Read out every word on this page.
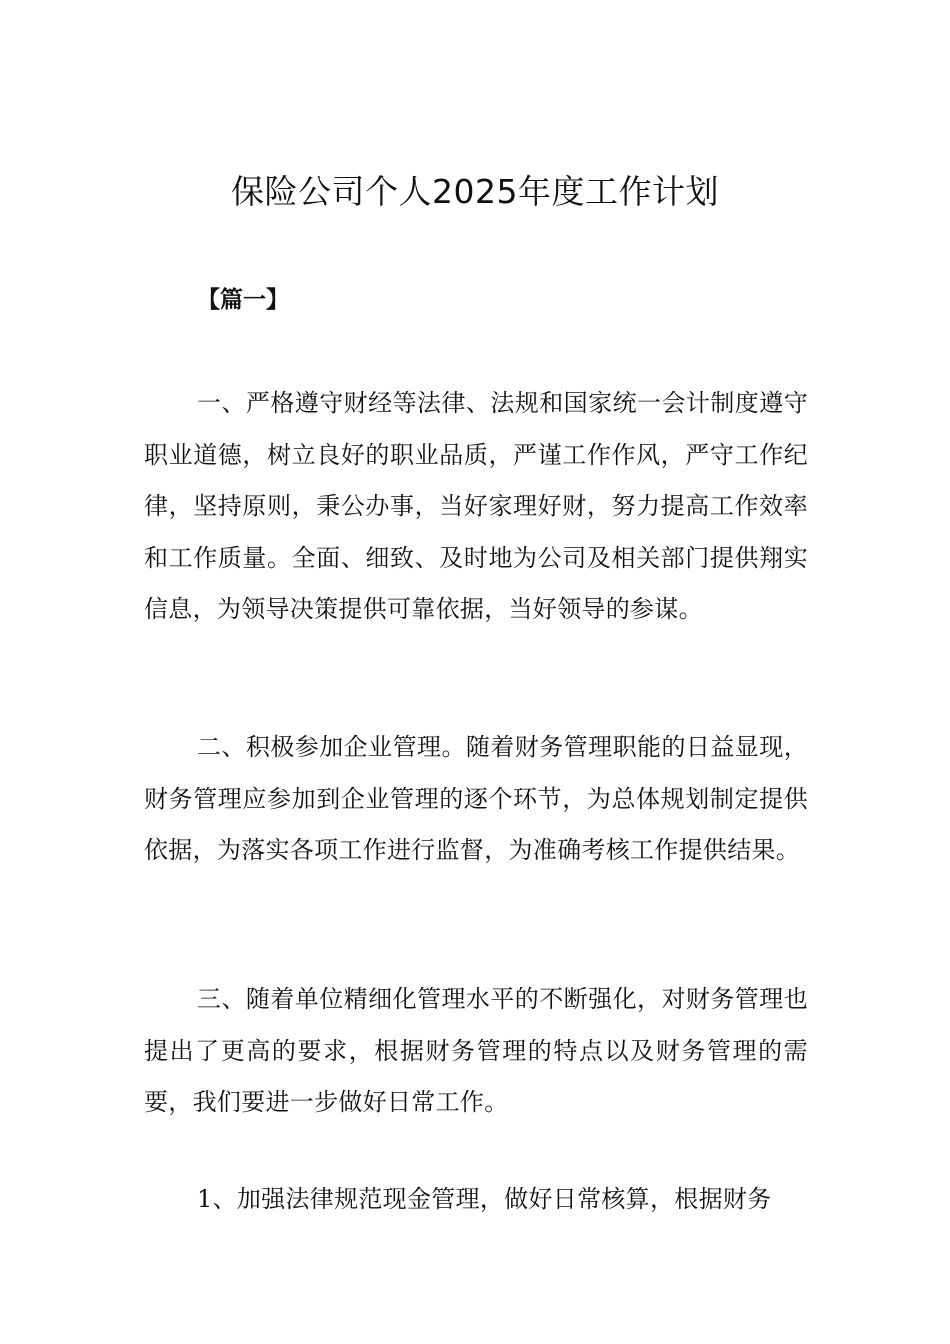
保险公司个人2025年度工作计划

【篇一】

一、严格遵守财经等法律、法规和国家统一会计制度遵守职业道德，树立良好的职业品质，严谨工作作风，严守工作纪律，坚持原则，秉公办事，当好家理好财，努力提高工作效率和工作质量。全面、细致、及时地为公司及相关部门提供翔实信息，为领导决策提供可靠依据，当好领导的参谋。

二、积极参加企业管理。随着财务管理职能的日益显现，财务管理应参加到企业管理的逐个环节，为总体规划制定提供依据，为落实各项工作进行监督，为准确考核工作提供结果。

三、随着单位精细化管理水平的不断强化，对财务管理也提出了更高的要求，根据财务管理的特点以及财务管理的需要，我们要进一步做好日常工作。

1、加强法律规范现金管理，做好日常核算，根据财务
